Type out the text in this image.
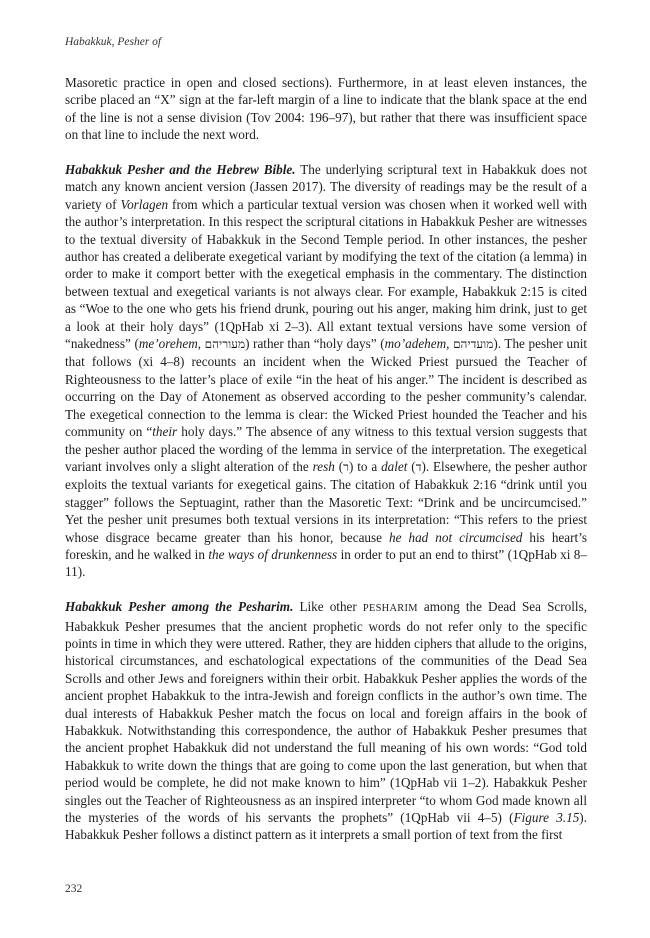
Habakkuk, Pesher of

Masoretic practice in open and closed sections). Furthermore, in at least eleven instances, the scribe placed an “X” sign at the far-left margin of a line to indicate that the blank space at the end of the line is not a sense division (Tov 2004: 196–97), but rather that there was insufficient space on that line to include the next word.

Habakkuk Pesher and the Hebrew Bible. The underlying scriptural text in Habakkuk does not match any known ancient version (Jassen 2017). The diversity of readings may be the result of a variety of Vorlagen from which a particular textual version was chosen when it worked well with the author’s interpretation. In this respect the scriptural citations in Habakkuk Pesher are witnesses to the textual diversity of Habakkuk in the Second Temple period. In other instances, the pesher author has created a deliberate exegetical variant by modifying the text of the citation (a lemma) in order to make it comport better with the exegetical emphasis in the commentary. The distinction between textual and exegetical variants is not always clear. For example, Habakkuk 2:15 is cited as “Woe to the one who gets his friend drunk, pouring out his anger, making him drink, just to get a look at their holy days” (1QpHab xi 2–3). All extant textual versions have some version of “nakedness” (me’orehem, מעוריהם) rather than “holy days” (mo’adehem, מועדיהם). The pesher unit that follows (xi 4–8) recounts an incident when the Wicked Priest pursued the Teacher of Righteousness to the latter’s place of exile “in the heat of his anger.” The incident is described as occurring on the Day of Atonement as observed according to the pesher community’s calendar. The exegetical connection to the lemma is clear: the Wicked Priest hounded the Teacher and his community on “their holy days.” The absence of any witness to this textual version suggests that the pesher author placed the wording of the lemma in service of the interpretation. The exegetical variant involves only a slight alteration of the resh (ר) to a dalet (ד). Elsewhere, the pesher author exploits the textual variants for exegetical gains. The citation of Habakkuk 2:16 “drink until you stagger” follows the Septuagint, rather than the Masoretic Text: “Drink and be uncircumcised.” Yet the pesher unit presumes both textual versions in its interpretation: “This refers to the priest whose disgrace became greater than his honor, because he had not circumcised his heart’s foreskin, and he walked in the ways of drunkenness in order to put an end to thirst” (1QpHab xi 8–11).

Habakkuk Pesher among the Pesharim. Like other PESHARIM among the Dead Sea Scrolls, Habakkuk Pesher presumes that the ancient prophetic words do not refer only to the specific points in time in which they were uttered. Rather, they are hidden ciphers that allude to the origins, historical circumstances, and eschatological expectations of the communities of the Dead Sea Scrolls and other Jews and foreigners within their orbit. Habakkuk Pesher applies the words of the ancient prophet Habakkuk to the intra-Jewish and foreign conflicts in the author’s own time. The dual interests of Habakkuk Pesher match the focus on local and foreign affairs in the book of Habakkuk. Notwithstanding this correspondence, the author of Habakkuk Pesher presumes that the ancient prophet Habakkuk did not understand the full meaning of his own words: “God told Habakkuk to write down the things that are going to come upon the last generation, but when that period would be complete, he did not make known to him” (1QpHab vii 1–2). Habakkuk Pesher singles out the Teacher of Righteousness as an inspired interpreter “to whom God made known all the mysteries of the words of his servants the prophets” (1QpHab vii 4–5) (Figure 3.15). Habakkuk Pesher follows a distinct pattern as it interprets a small portion of text from the first

232
